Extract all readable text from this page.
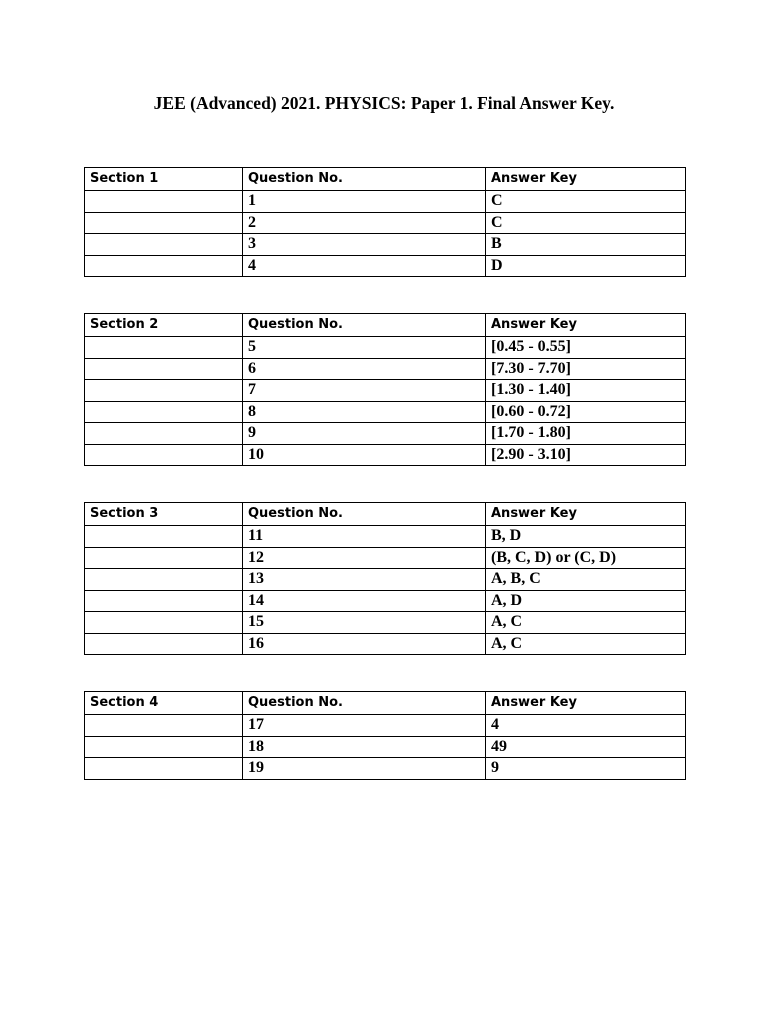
JEE (Advanced) 2021. PHYSICS: Paper 1. Final Answer Key.
Section 1	Question No.	Answer Key
	1	C
	2	C
	3	B
	4	D
Section 2	Question No.	Answer Key
	5	[0.45 - 0.55]
	6	[7.30 - 7.70]
	7	[1.30 - 1.40]
	8	[0.60 - 0.72]
	9	[1.70 - 1.80]
	10	[2.90 - 3.10]
Section 3	Question No.	Answer Key
	11	B, D
	12	(B, C, D) or (C, D)
	13	A, B, C
	14	A, D
	15	A, C
	16	A, C
Section 4	Question No.	Answer Key
	17	4
	18	49
	19	9
